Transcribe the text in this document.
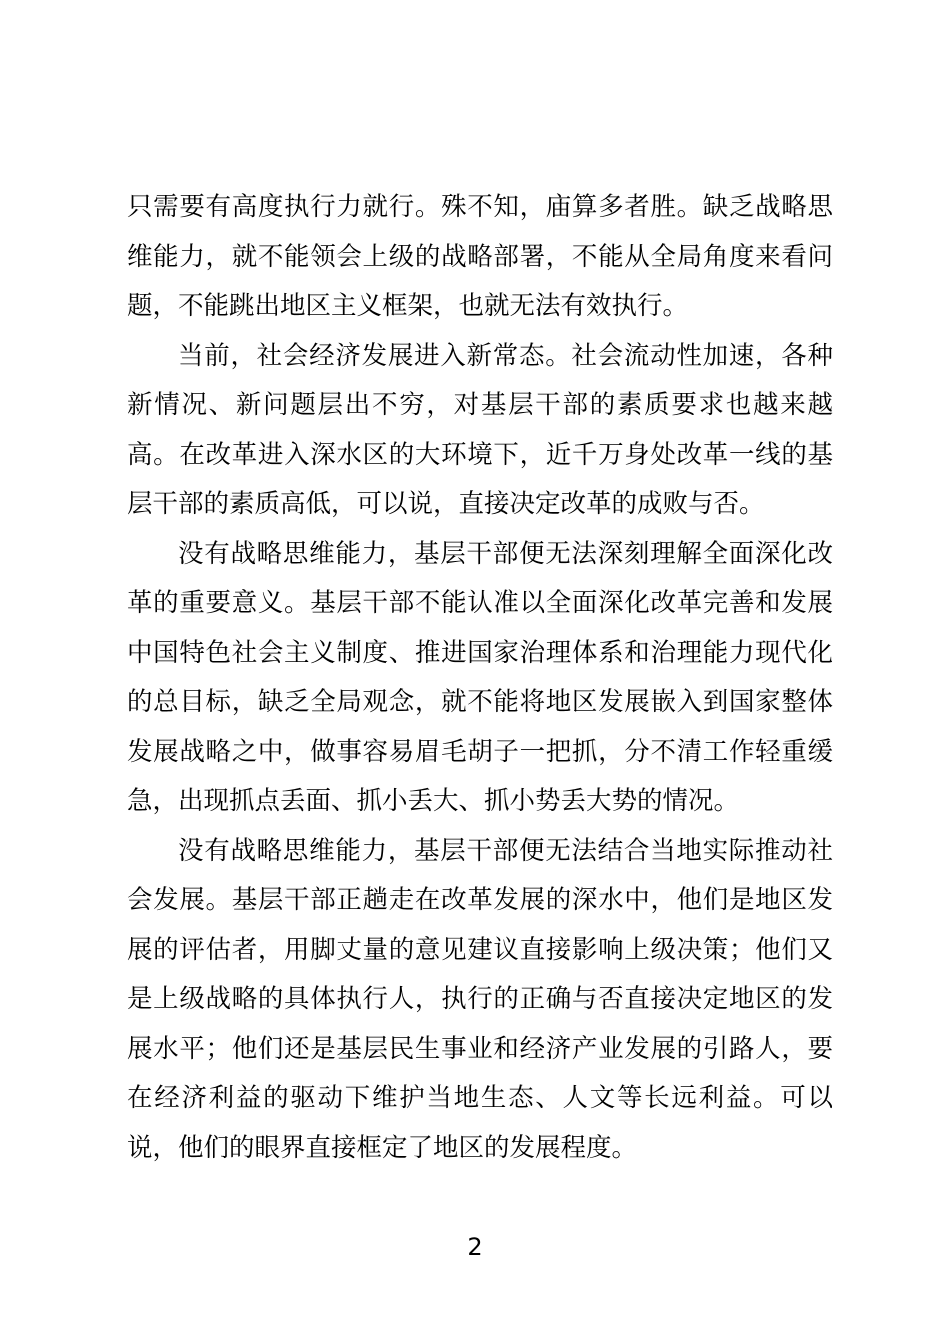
只需要有高度执行力就行。殊不知，庙算多者胜。缺乏战略思
维能力，就不能领会上级的战略部署，不能从全局角度来看问
题，不能跳出地区主义框架，也就无法有效执行。
当前，社会经济发展进入新常态。社会流动性加速，各种
新情况、新问题层出不穷，对基层干部的素质要求也越来越
高。在改革进入深水区的大环境下，近千万身处改革一线的基
层干部的素质高低，可以说，直接决定改革的成败与否。
没有战略思维能力，基层干部便无法深刻理解全面深化改
革的重要意义。基层干部不能认准以全面深化改革完善和发展
中国特色社会主义制度、推进国家治理体系和治理能力现代化
的总目标，缺乏全局观念，就不能将地区发展嵌入到国家整体
发展战略之中，做事容易眉毛胡子一把抓，分不清工作轻重缓
急，出现抓点丢面、抓小丢大、抓小势丢大势的情况。
没有战略思维能力，基层干部便无法结合当地实际推动社
会发展。基层干部正趟走在改革发展的深水中，他们是地区发
展的评估者，用脚丈量的意见建议直接影响上级决策；他们又
是上级战略的具体执行人，执行的正确与否直接决定地区的发
展水平；他们还是基层民生事业和经济产业发展的引路人，要
在经济利益的驱动下维护当地生态、人文等长远利益。可以
说，他们的眼界直接框定了地区的发展程度。
2
